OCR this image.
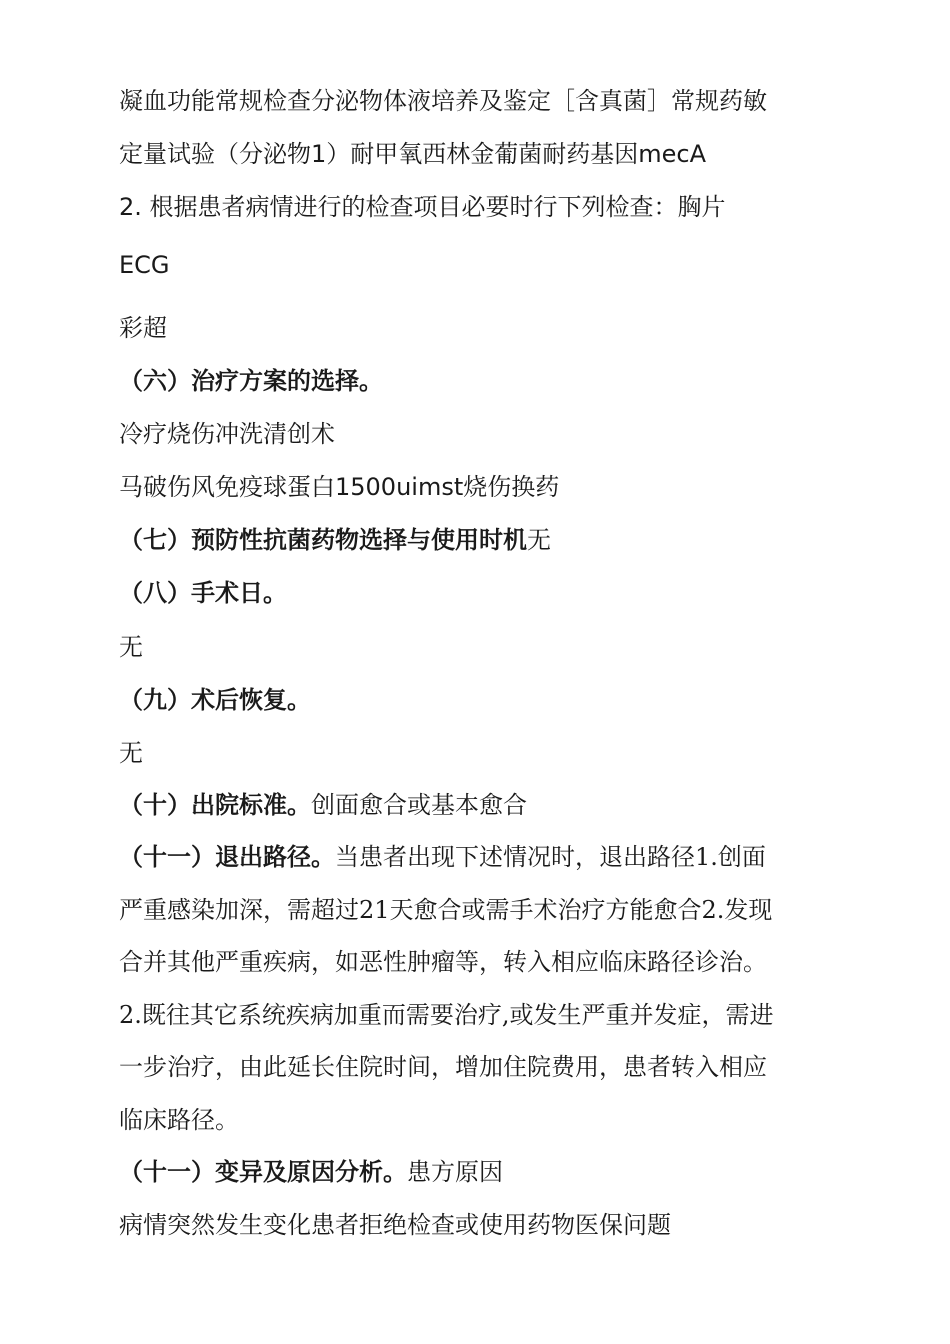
凝血功能常规检查分泌物体液培养及鉴定［含真菌］常规药敏
定量试验（分泌物1）耐甲氧西林金葡菌耐药基因mecA
2. 根据患者病情进行的检查项目必要时行下列检查：胸片
ECG
彩超
（六）治疗方案的选择。
冷疗烧伤冲洗清创术
马破伤风免疫球蛋白1500uimst烧伤换药
（七）预防性抗菌药物选择与使用时机无
（八）手术日。
无
（九）术后恢复。
无
（十）出院标准。创面愈合或基本愈合
（十一）退出路径。当患者出现下述情况时，退出路径1.创面
严重感染加深，需超过21天愈合或需手术治疗方能愈合2.发现
合并其他严重疾病，如恶性肿瘤等，转入相应临床路径诊治。
2.既往其它系统疾病加重而需要治疗,或发生严重并发症，需进
一步治疗，由此延长住院时间，增加住院费用，患者转入相应
临床路径。
（十一）变异及原因分析。患方原因
病情突然发生变化患者拒绝检查或使用药物医保问题
